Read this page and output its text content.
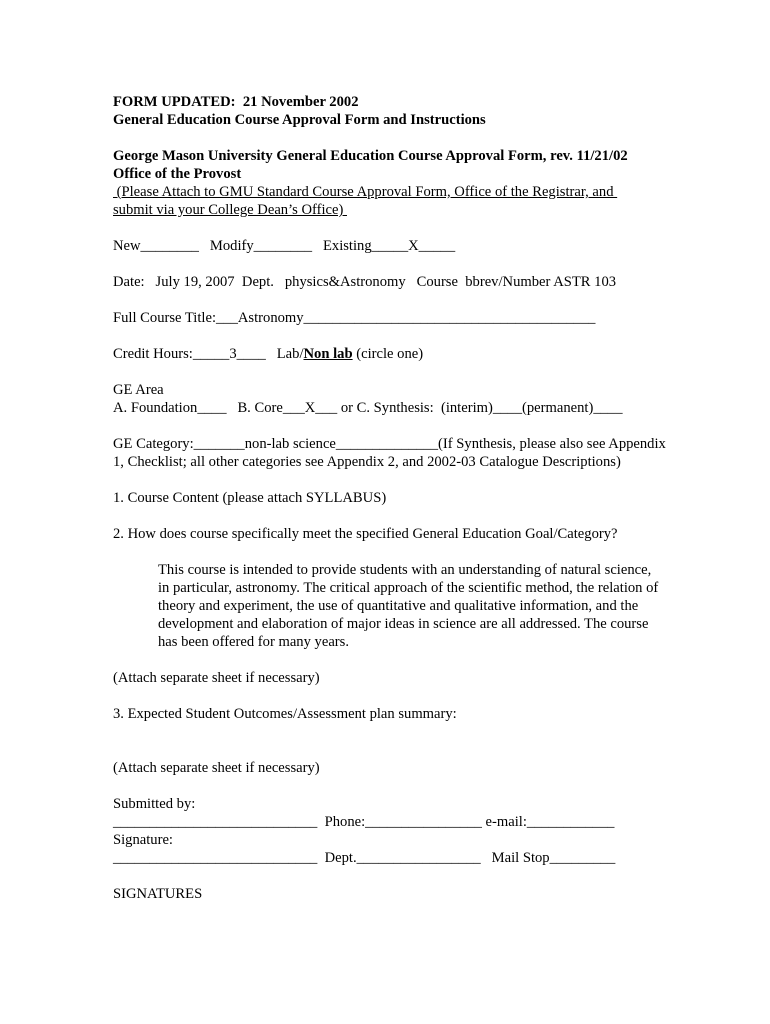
FORM UPDATED:  21 November 2002
General Education Course Approval Form and Instructions
George Mason University General Education Course Approval Form, rev. 11/21/02
Office of the Provost
(Please Attach to GMU Standard Course Approval Form, Office of the Registrar, and
submit via your College Dean’s Office)
New________   Modify________   Existing_____X_____
Date:   July 19, 2007  Dept.   physics&Astronomy   Course  bbrev/Number ASTR 103
Full Course Title:___Astronomy________________________________________
Credit Hours:_____3____   Lab/Non lab (circle one)
GE Area
A. Foundation____   B. Core___X___ or C. Synthesis:  (interim)____(permanent)____
GE Category:_______non-lab science______________(If Synthesis, please also see Appendix 1, Checklist; all other categories see Appendix 2, and 2002-03 Catalogue Descriptions)
1. Course Content (please attach SYLLABUS)
2. How does course specifically meet the specified General Education Goal/Category?
This course is intended to provide students with an understanding of natural science, in particular, astronomy. The critical approach of the scientific method, the relation of theory and experiment, the use of quantitative and qualitative information, and the development and elaboration of major ideas in science are all addressed. The course has been offered for many years.
(Attach separate sheet if necessary)
3. Expected Student Outcomes/Assessment plan summary:
(Attach separate sheet if necessary)
Submitted by:
____________________________  Phone:________________ e-mail:____________
Signature:
____________________________  Dept._________________   Mail Stop_________
SIGNATURES
